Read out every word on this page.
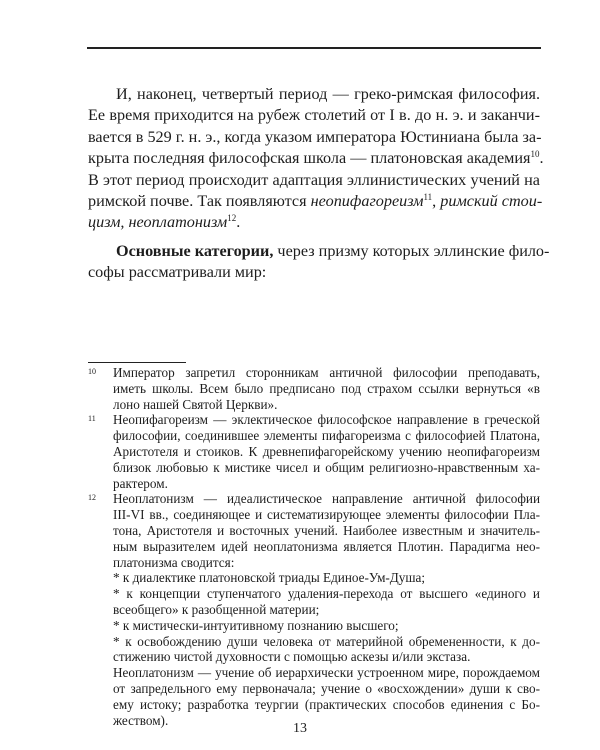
И, наконец, четвертый период — греко-римская философия.
Ее время приходится на рубеж столетий от I в. до н. э. и заканчи-
вается в 529 г. н. э., когда указом императора Юстиниана была за-
крыта последняя философская школа — платоновская академия$^{10}$.
В этот период происходит адаптация эллинистических учений на
римской почве. Так появляются неопифагореизм$^{11}$, римский стои-
цизм, неоплатонизм$^{12}$.
Основные категории, через призму которых эллинские фило-
софы рассматривали мир:
10 Император запретил сторонникам античной философии преподавать,
иметь школы. Всем было предписано под страхом ссылки вернуться «в
лоно нашей Святой Церкви».
11 Неопифагореизм — эклектическое философское направление в греческой
философии, соединившее элементы пифагореизма с философией Платона,
Аристотеля и стоиков. К древнепифагорейскому учению неопифагореизм
близок любовью к мистике чисел и общим религиозно-нравственным ха-
рактером.
12 Неоплатонизм — идеалистическое направление античной философии
III-VI вв., соединяющее и систематизирующее элементы философии Пла-
тона, Аристотеля и восточных учений. Наиболее известным и значитель-
ным выразителем идей неоплатонизма является Плотин. Парадигма нео-
платонизма сводится:
* к диалектике платоновской триады Единое-Ум-Душа;
* к концепции ступенчатого удаления-перехода от высшего «единого и
всеобщего» к разобщенной материи;
* к мистически-интуитивному познанию высшего;
* к освобождению души человека от материйной обремененности, к до-
стижению чистой духовности с помощью аскезы и/или экстаза.
Неоплатонизм — учение об иерархически устроенном мире, порождаемом
от запредельного ему первоначала; учение о «восхождении» души к сво-
ему истоку; разработка теургии (практических способов единения с Бо-
жеством).
13
